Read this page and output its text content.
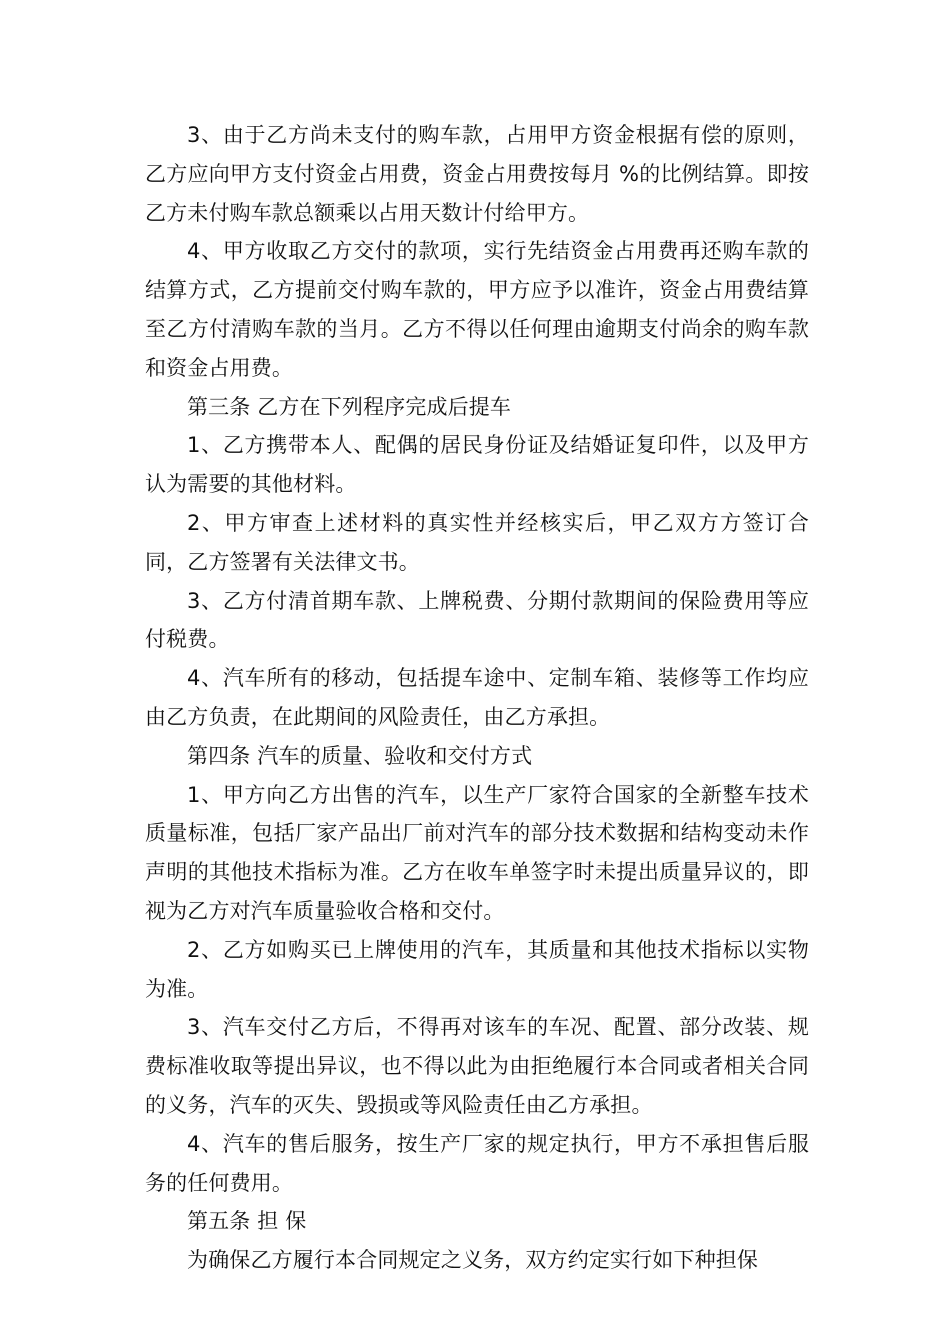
3、由于乙方尚未支付的购车款，占用甲方资金根据有偿的原则，乙方应向甲方支付资金占用费，资金占用费按每月 %的比例结算。即按乙方未付购车款总额乘以占用天数计付给甲方。

4、甲方收取乙方交付的款项，实行先结资金占用费再还购车款的结算方式，乙方提前交付购车款的，甲方应予以准许，资金占用费结算至乙方付清购车款的当月。乙方不得以任何理由逾期支付尚余的购车款和资金占用费。

第三条 乙方在下列程序完成后提车

1、乙方携带本人、配偶的居民身份证及结婚证复印件，以及甲方认为需要的其他材料。

2、甲方审查上述材料的真实性并经核实后，甲乙双方方签订合同，乙方签署有关法律文书。

3、乙方付清首期车款、上牌税费、分期付款期间的保险费用等应付税费。

4、汽车所有的移动，包括提车途中、定制车箱、装修等工作均应由乙方负责，在此期间的风险责任，由乙方承担。

第四条 汽车的质量、验收和交付方式

1、甲方向乙方出售的汽车，以生产厂家符合国家的全新整车技术质量标准，包括厂家产品出厂前对汽车的部分技术数据和结构变动未作声明的其他技术指标为准。乙方在收车单签字时未提出质量异议的，即视为乙方对汽车质量验收合格和交付。

2、乙方如购买已上牌使用的汽车，其质量和其他技术指标以实物为准。

3、汽车交付乙方后，不得再对该车的车况、配置、部分改装、规费标准收取等提出异议，也不得以此为由拒绝履行本合同或者相关合同的义务，汽车的灭失、毁损或等风险责任由乙方承担。

4、汽车的售后服务，按生产厂家的规定执行，甲方不承担售后服务的任何费用。

第五条 担 保

为确保乙方履行本合同规定之义务，双方约定实行如下种担保
